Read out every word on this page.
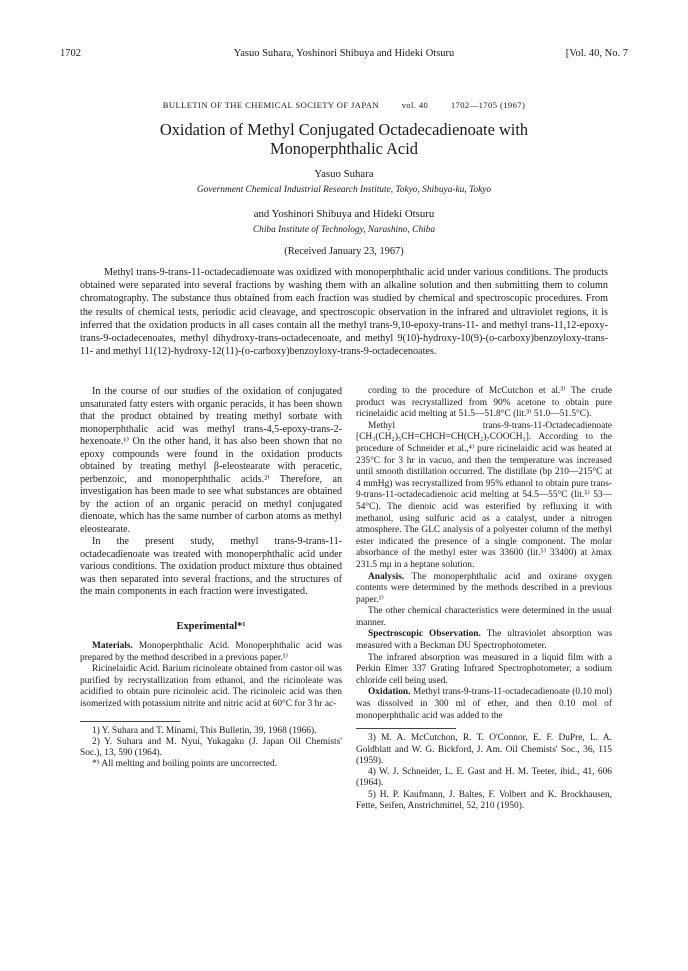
1702	Yasuo Suhara, Yoshinori Shibuya and Hideki Otsuru	[Vol. 40, No. 7
BULLETIN OF THE CHEMICAL SOCIETY OF JAPAN	vol. 40	1702—1705 (1967)
Oxidation of Methyl Conjugated Octadecadienoate with
Monoperphthalic Acid
Yasuo Suhara
Government Chemical Industrial Research Institute, Tokyo, Shibuya-ku, Tokyo
and Yoshinori Shibuya and Hideki Otsuru
Chiba Institute of Technology, Narashino, Chiba
(Received January 23, 1967)

Methyl trans-9-trans-11-octadecadienoate was oxidized with monoperphthalic acid under various conditions. The products obtained were separated into several fractions by washing them with an alkaline solution and then submitting them to column chromatography. The substance thus obtained from each fraction was studied by chemical and spectroscopic procedures. From the results of chemical tests, periodic acid cleavage, and spectroscopic observation in the infrared and ultraviolet regions, it is inferred that the oxidation products in all cases contain all the methyl trans-9,10-epoxy-trans-11- and methyl trans-11,12-epoxy-trans-9-octadecenoates, methyl dihydroxy-trans-octadecenoate, and methyl 9(10)-hydroxy-10(9)-(o-carboxy)benzoyloxy-trans-11- and methyl 11(12)-hydroxy-12(11)-(o-carboxy)benzoyloxy-trans-9-octadecenoates.

In the course of our studies of the oxidation of conjugated unsaturated fatty esters with organic peracids, it has been shown that the product obtained by treating methyl sorbate with monoperphthalic acid was methyl trans-4,5-epoxy-trans-2-hexenoate.¹⁾ On the other hand, it has also been shown that no epoxy compounds were found in the oxidation products obtained by treating methyl β-eleostearate with peracetic, perbenzoic, and monoperphthalic acids.²⁾ Therefore, an investigation has been made to see what substances are obtained by the action of an organic peracid on methyl conjugated dienoate, which has the same number of carbon atoms as methyl eleostearate.

In the present study, methyl trans-9-trans-11-octadecadienoate was treated with monoperphthalic acid under various conditions. The oxidation product mixture thus obtained was then separated into several fractions, and the structures of the main components in each fraction were investigated.

Experimental*¹

Materials. Monoperphthalic Acid. Monoperphthalic acid was prepared by the method described in a previous paper.¹⁾

Ricinelaidic Acid. Barium ricinoleate obtained from castor oil was purified by recrystallization from ethanol, and the ricinoleate was acidified to obtain pure ricinoleic acid. The ricinoleic acid was then isomerized with potassium nitrite and nitric acid at 60°C for 3 hr ac-

1) Y. Suhara and T. Minami, This Bulletin, 39, 1968 (1966).

2) Y. Suhara and M. Nyui, Yukagaku (J. Japan Oil Chemists' Soc.), 13, 590 (1964).

*¹ All melting and boiling points are uncorrected.

cording to the procedure of McCutchon et al.³⁾ The crude product was recrystallized from 90% acetone to obtain pure ricinelaidic acid melting at 51.5—51.8°C (lit.³⁾ 51.0—51.5°C).

Methyl trans-9-trans-11-Octadecadienoate [CH₃(CH₂)₅CH=CHCH=CH(CH₂)₇COOCH₃]. According to the procedure of Schneider et al.,⁴⁾ pure ricinelaidic acid was heated at 235°C for 3 hr in vacuo, and then the temperature was increased until smooth distillation occurred. The distillate (bp 210—215°C at 4 mmHg) was recrystallized from 95% ethanol to obtain pure trans-9-trans-11-octadecadienoic acid melting at 54.5—55°C (lit.⁵⁾ 53—54°C). The dienoic acid was esterified by refluxing it with methanol, using sulfuric acid as a catalyst, under a nitrogen atmosphere. The GLC analysis of a polyester column of the methyl ester indicated the presence of a single component. The molar absorbance of the methyl ester was 33600 (lit.⁵⁾ 33400) at λmax 231.5 mμ in a heptane solution.

Analysis. The monoperphthalic acid and oxirane oxygen contents were determined by the methods described in a previous paper.¹⁾

The other chemical characteristics were determined in the usual manner.

Spectroscopic Observation. The ultraviolet absorption was measured with a Beckman DU Spectrophotometer.

The infrared absorption was measured in a liquid film with a Perkin Elmer 337 Grating Infrared Spectrophotometer, a sodium chloride cell being used.

Oxidation. Methyl trans-9-trans-11-octadecadienoate (0.10 mol) was dissolved in 300 ml of ether, and then 0.10 mol of monoperphthalic acid was added to the

3) M. A. McCutchon, R. T. O'Connor, E. F. DuPre, L. A. Goldblatt and W. G. Bickford, J. Am. Oil Chemists' Soc., 36, 115 (1959).

4) W. J. Schneider, L. E. Gast and H. M. Teeter, ibid., 41, 606 (1964).

5) H. P. Kaufmann, J. Baltes, F. Volbert and K. Brockhausen, Fette, Seifen, Anstrichmittel, 52, 210 (1950).
